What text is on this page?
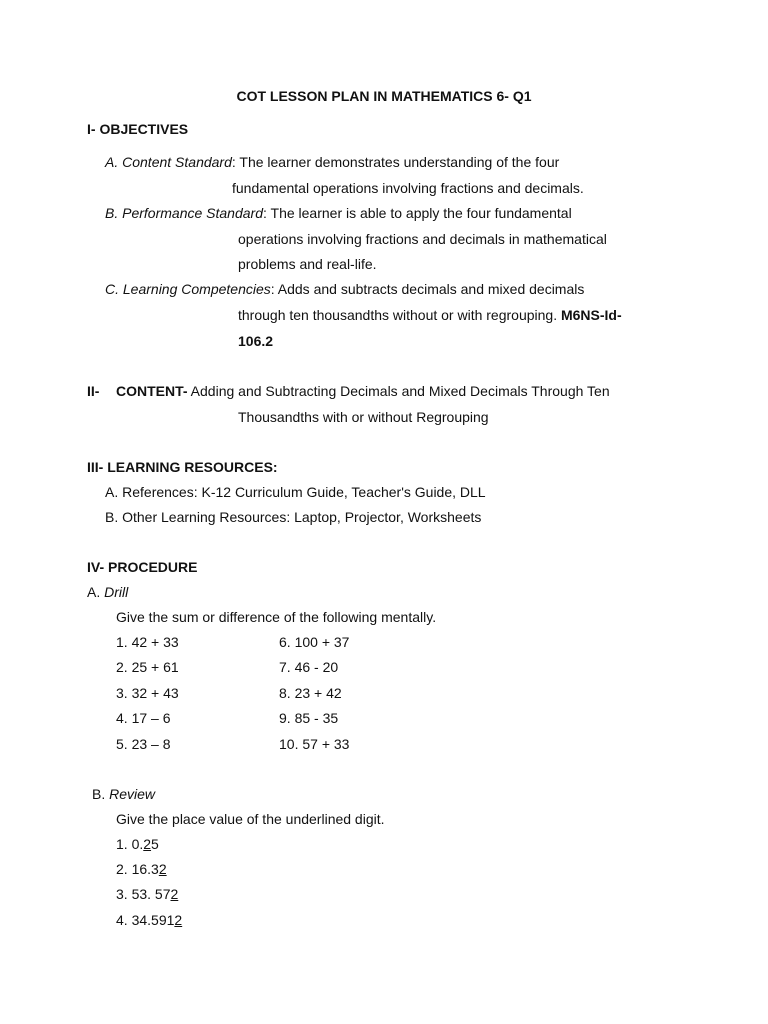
COT LESSON PLAN IN MATHEMATICS 6- Q1
I- OBJECTIVES
A. Content Standard: The learner demonstrates understanding of the four
fundamental operations involving fractions and decimals.
B. Performance Standard: The learner is able to apply the four fundamental
operations involving fractions and decimals in mathematical
problems and real-life.
C. Learning Competencies: Adds and subtracts decimals and mixed decimals
through ten thousandths without or with regrouping. M6NS-Id-
106.2
II- CONTENT- Adding and Subtracting Decimals and Mixed Decimals Through Ten
Thousandths with or without Regrouping
III- LEARNING RESOURCES:
A. References: K-12 Curriculum Guide, Teacher's Guide, DLL
B. Other Learning Resources: Laptop, Projector, Worksheets
IV- PROCEDURE
A. Drill
Give the sum or difference of the following mentally.
1. 42 + 33
2. 25 + 61
3. 32 + 43
4. 17 – 6
5. 23 – 8
6. 100 + 37
7. 46 - 20
8. 23 + 42
9. 85 - 35
10. 57 + 33
B. Review
Give the place value of the underlined digit.
1. 0.25
2. 16.32
3. 53. 572
4. 34.5912
